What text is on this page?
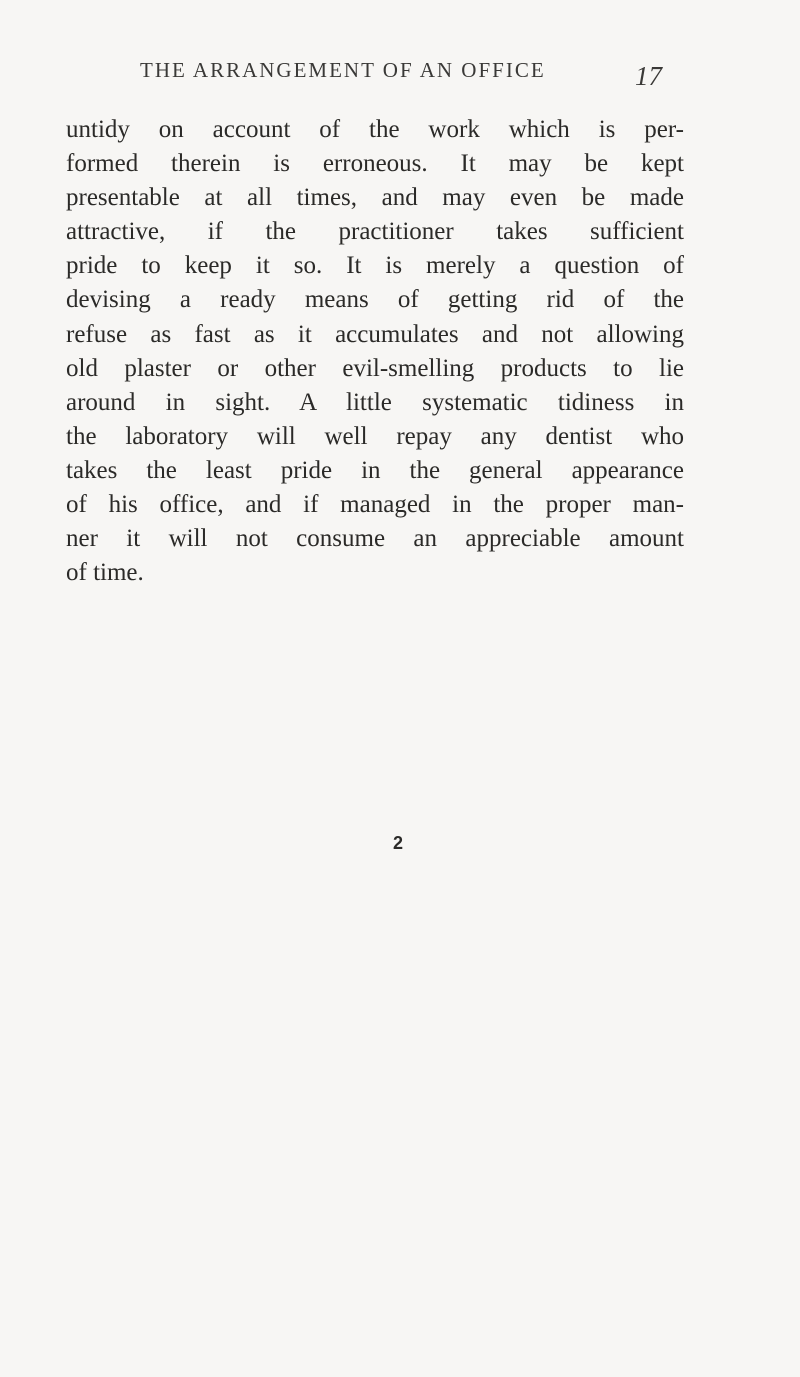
THE ARRANGEMENT OF AN OFFICE	17

untidy on account of the work which is per-
formed therein is erroneous. It may be kept
presentable at all times, and may even be made
attractive, if the practitioner takes sufficient
pride to keep it so. It is merely a question of
devising a ready means of getting rid of the
refuse as fast as it accumulates and not allowing
old plaster or other evil-smelling products to lie
around in sight. A little systematic tidiness in
the laboratory will well repay any dentist who
takes the least pride in the general appearance
of his office, and if managed in the proper man-
ner it will not consume an appreciable amount
of time.

2
